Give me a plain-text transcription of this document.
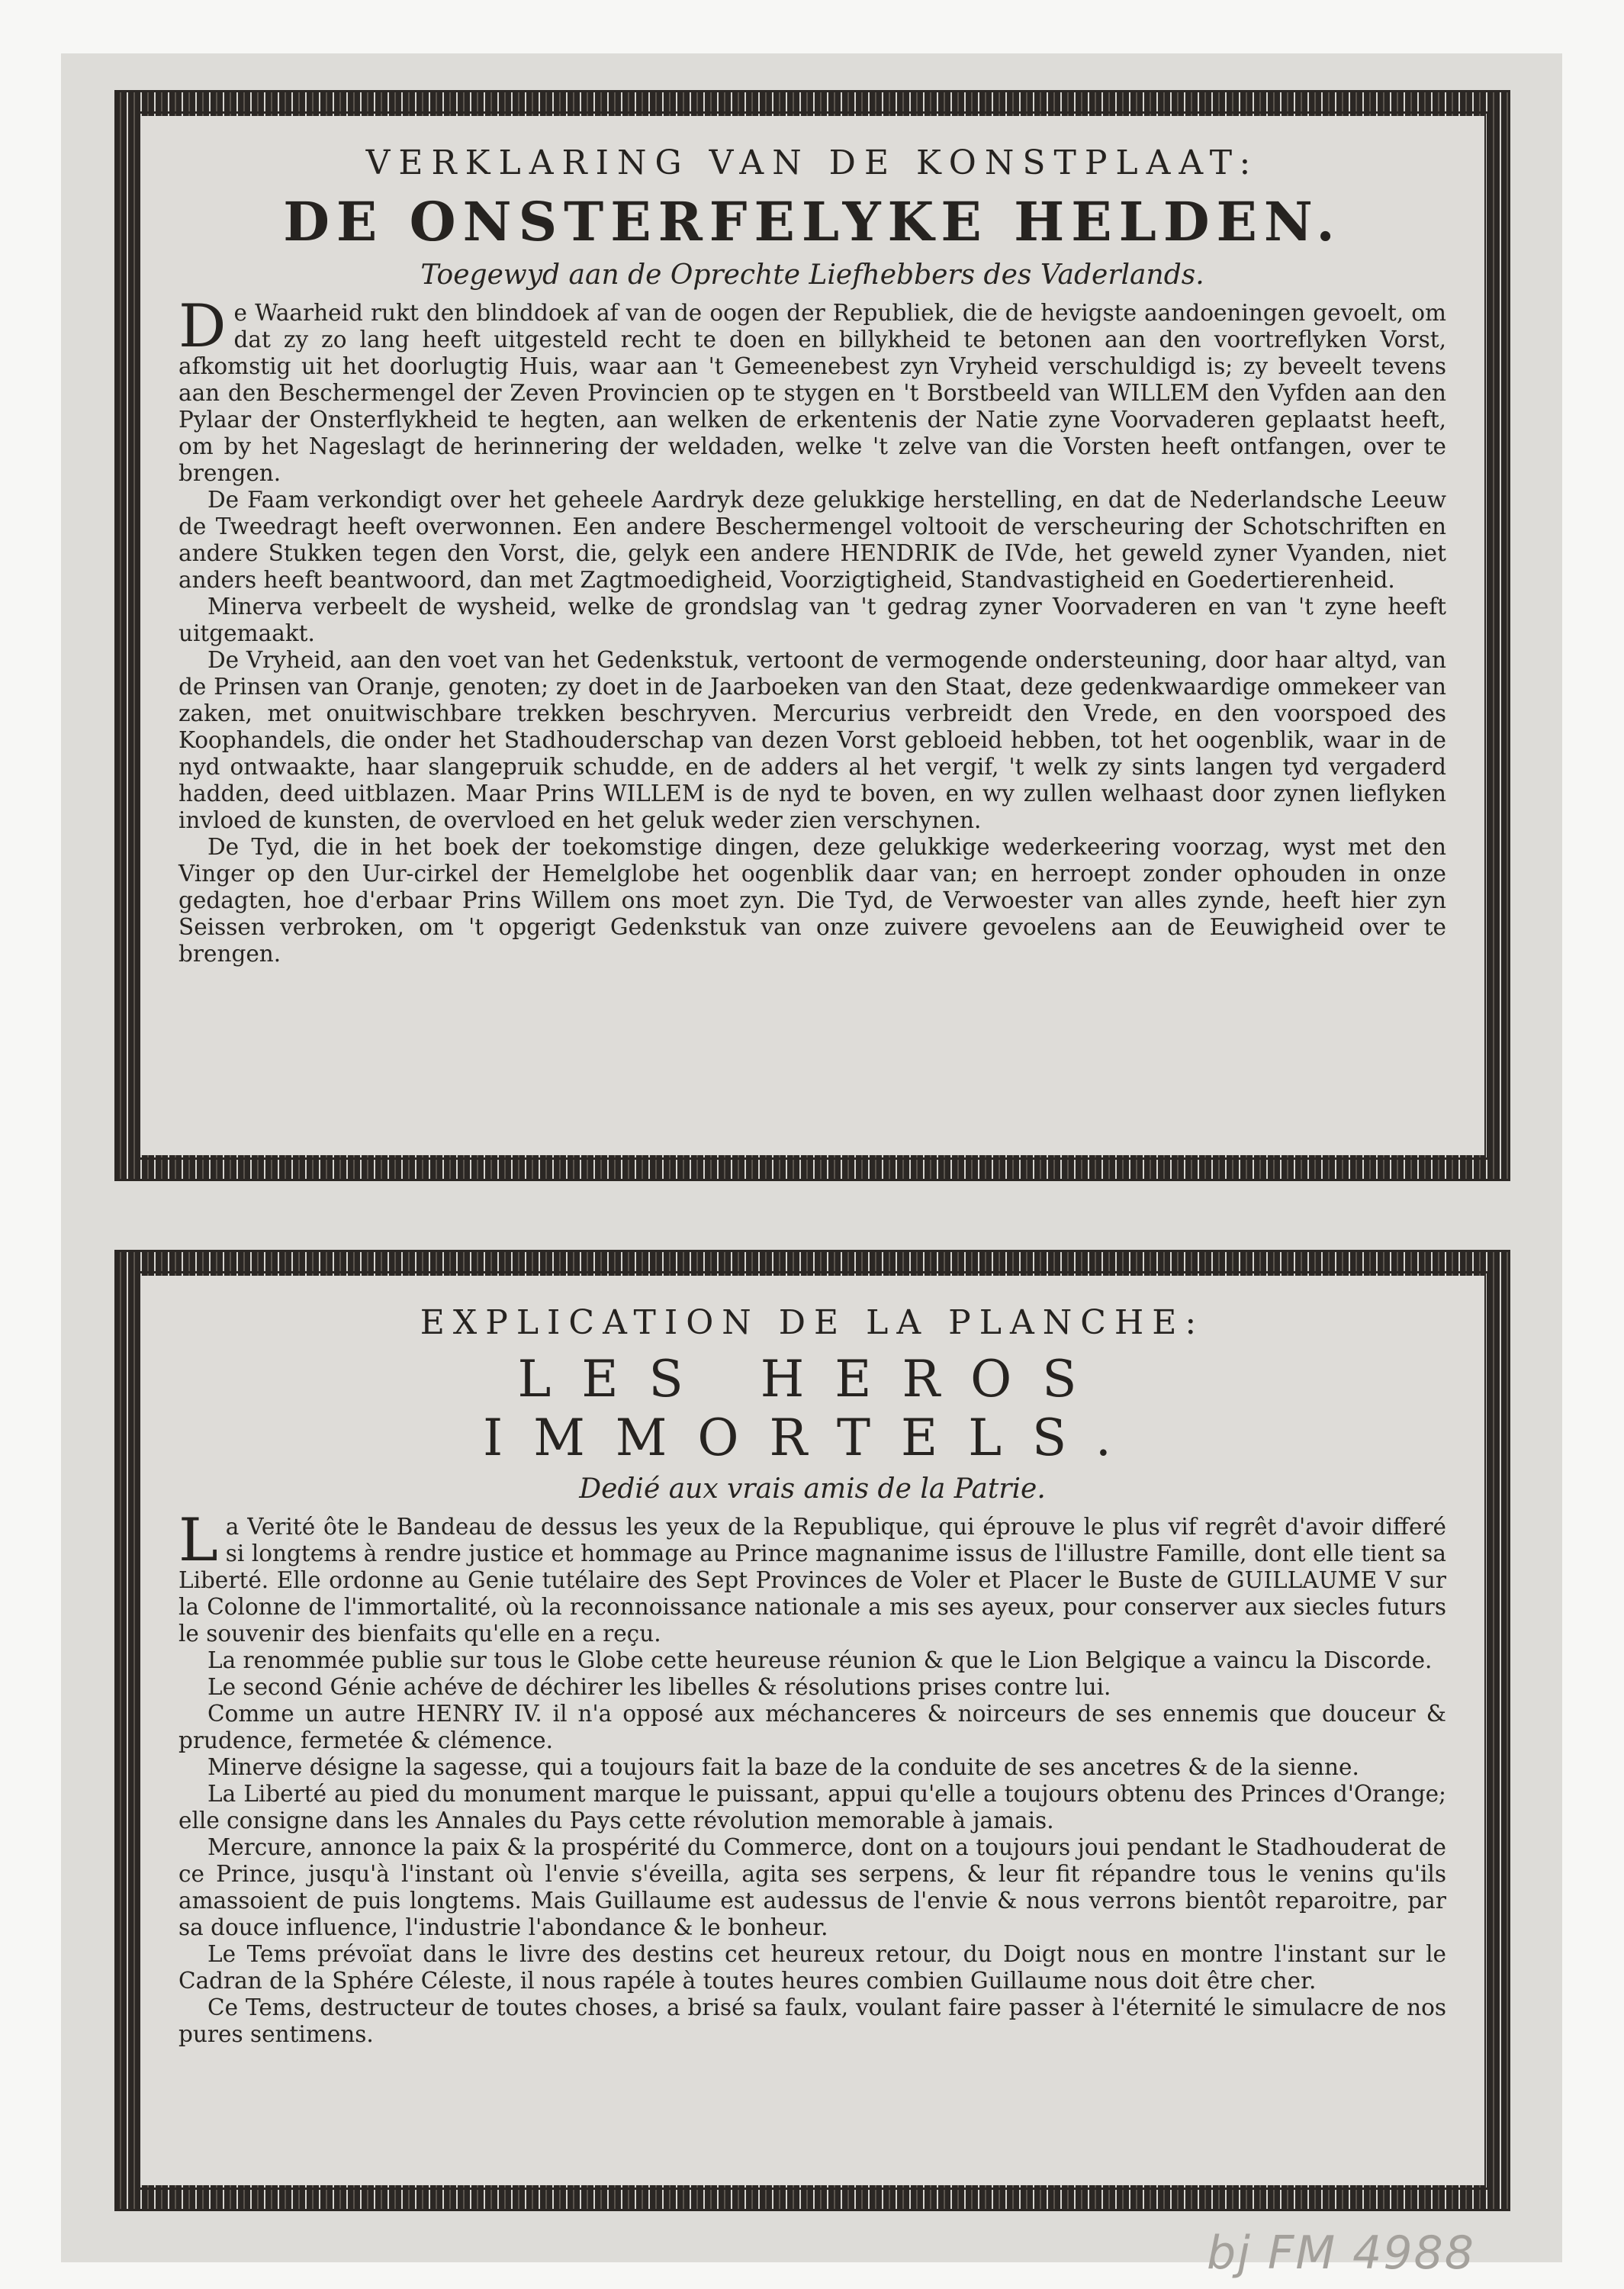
VERKLARING VAN DE KONSTPLAAT:
DE ONSTERFELYKE HELDEN.
Toegewyd aan de Oprechte Liefhebbers des Vaderlands.

De Waarheid rukt den blinddoek af van de oogen der Republiek, die de hevigste aandoeningen gevoelt, om dat zy zo lang heeft uitgesteld recht te doen en billykheid te betonen aan den voortreflyken Vorst, afkomstig uit het doorlugtig Huis, waar aan 't Gemeenebest zyn Vryheid verschuldigd is; zy beveelt tevens aan den Beschermengel der Zeven Provincien op te stygen en 't Borstbeeld van WILLEM den Vyfden aan den Pylaar der Onsterflykheid te hegten, aan welken de erkentenis der Natie zyne Voorvaderen geplaatst heeft, om by het Nageslagt de herinnering der weldaden, welke 't zelve van die Vorsten heeft ontfangen, over te brengen.

De Faam verkondigt over het geheele Aardryk deze gelukkige herstelling, en dat de Nederlandsche Leeuw de Tweedragt heeft overwonnen. Een andere Beschermengel voltooit de verscheuring der Schotschriften en andere Stukken tegen den Vorst, die, gelyk een andere HENDRIK de IVde, het geweld zyner Vyanden, niet anders heeft beantwoord, dan met Zagtmoedigheid, Voorzigtigheid, Standvastigheid en Goedertierenheid.

Minerva verbeelt de wysheid, welke de grondslag van 't gedrag zyner Voorvaderen en van 't zyne heeft uitgemaakt.

De Vryheid, aan den voet van het Gedenkstuk, vertoont de vermogende ondersteuning, door haar altyd, van de Prinsen van Oranje, genoten; zy doet in de Jaarboeken van den Staat, deze gedenkwaardige ommekeer van zaken, met onuitwischbare trekken beschryven. Mercurius verbreidt den Vrede, en den voorspoed des Koophandels, die onder het Stadhouderschap van dezen Vorst gebloeid hebben, tot het oogenblik, waar in de nyd ontwaakte, haar slangepruik schudde, en de adders al het vergif, 't welk zy sints langen tyd vergaderd hadden, deed uitblazen. Maar Prins WILLEM is de nyd te boven, en wy zullen welhaast door zynen lieflyken invloed de kunsten, de overvloed en het geluk weder zien verschynen.

De Tyd, die in het boek der toekomstige dingen, deze gelukkige wederkeering voorzag, wyst met den Vinger op den Uur-cirkel der Hemelglobe het oogenblik daar van; en herroept zonder ophouden in onze gedagten, hoe d'erbaar Prins Willem ons moet zyn. Die Tyd, de Verwoester van alles zynde, heeft hier zyn Seissen verbroken, om 't opgerigt Gedenkstuk van onze zuivere gevoelens aan de Eeuwigheid over te brengen.

EXPLICATION DE LA PLANCHE:
LES HEROS IMMORTELS.
Dedié aux vrais amis de la Patrie.

La Verité ôte le Bandeau de dessus les yeux de la Republique, qui éprouve le plus vif regrêt d'avoir differé si longtems à rendre justice et hommage au Prince magnanime issus de l'illustre Famille, dont elle tient sa Liberté. Elle ordonne au Genie tutélaire des Sept Provinces de Voler et Placer le Buste de GUILLAUME V sur la Colonne de l'immortalité, où la reconnoissance nationale a mis ses ayeux, pour conserver aux siecles futurs le souvenir des bienfaits qu'elle en a reçu.

La renommée publie sur tous le Globe cette heureuse réunion & que le Lion Belgique a vaincu la Discorde.

Le second Génie achéve de déchirer les libelles & résolutions prises contre lui.

Comme un autre HENRY IV. il n'a opposé aux méchanceres & noirceurs de ses ennemis que douceur & prudence, fermetée & clémence.

Minerve désigne la sagesse, qui a toujours fait la baze de la conduite de ses ancetres & de la sienne.

La Liberté au pied du monument marque le puissant, appui qu'elle a toujours obtenu des Princes d'Orange; elle consigne dans les Annales du Pays cette révolution memorable à jamais.

Mercure, annonce la paix & la prospérité du Commerce, dont on a toujours joui pendant le Stadhouderat de ce Prince, jusqu'à l'instant où l'envie s'éveilla, agita ses serpens, & leur fit répandre tous le venins qu'ils amassoient de puis longtems. Mais Guillaume est audessus de l'envie & nous verrons bientôt reparoitre, par sa douce influence, l'industrie l'abondance & le bonheur.

Le Tems prévoïat dans le livre des destins cet heureux retour, du Doigt nous en montre l'instant sur le Cadran de la Sphére Céleste, il nous rapéle à toutes heures combien Guillaume nous doit être cher.

Ce Tems, destructeur de toutes choses, a brisé sa faulx, voulant faire passer à l'éternité le simulacre de nos pures sentimens.

bj FM 4988
